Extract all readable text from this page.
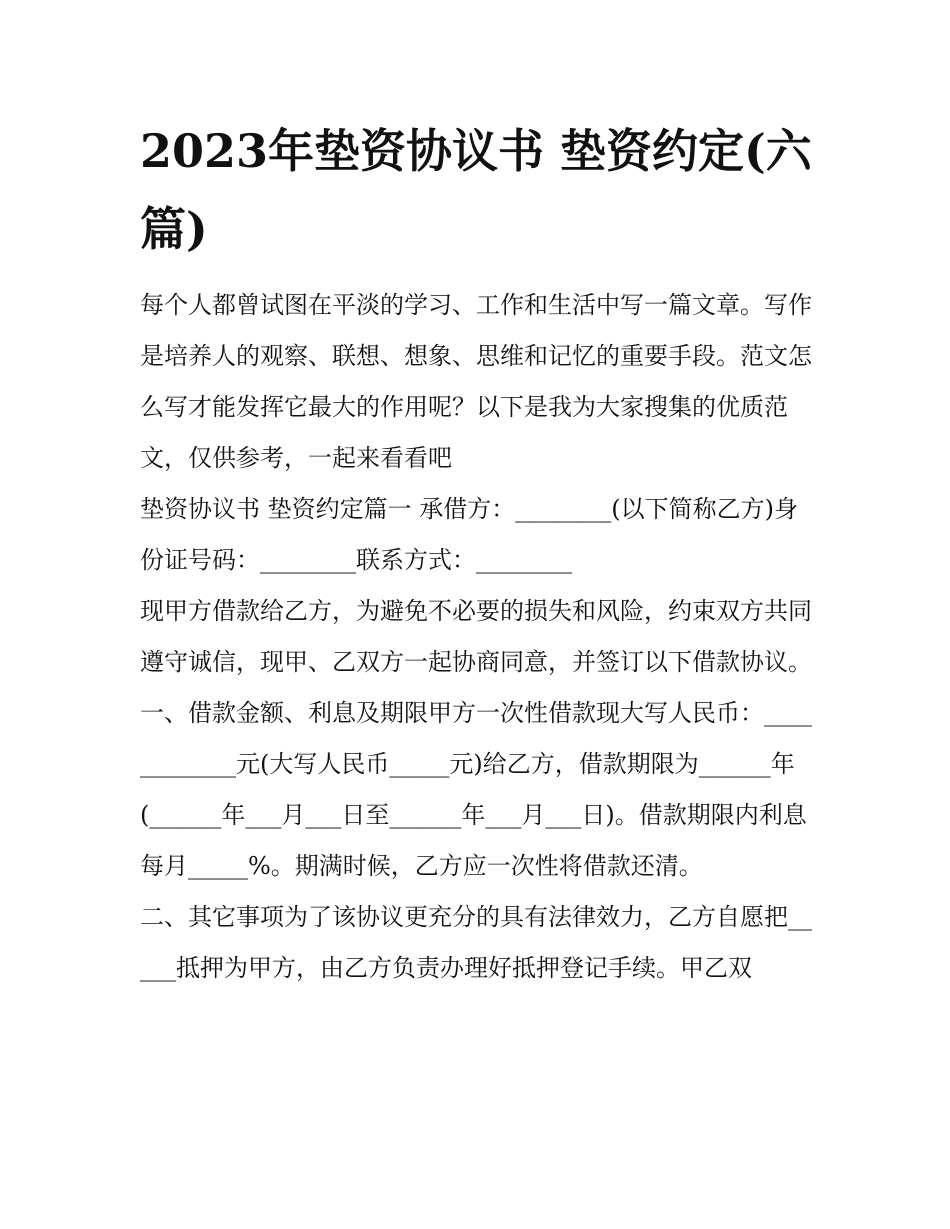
2023年垫资协议书 垫资约定(六篇)

每个人都曾试图在平淡的学习、工作和生活中写一篇文章。写作是培养人的观察、联想、想象、思维和记忆的重要手段。范文怎么写才能发挥它最大的作用呢？以下是我为大家搜集的优质范文，仅供参考，一起来看看吧

垫资协议书 垫资约定篇一 承借方：________(以下简称乙方)身份证号码：________联系方式：________

现甲方借款给乙方，为避免不必要的损失和风险，约束双方共同遵守诚信，现甲、乙双方一起协商同意，并签订以下借款协议。

一、借款金额、利息及期限甲方一次性借款现大写人民币：____________元(大写人民币_____元)给乙方，借款期限为______年(______年___月___日至______年___月___日)。借款期限内利息每月_____%。期满时候，乙方应一次性将借款还清。

二、其它事项为了该协议更充分的具有法律效力，乙方自愿把_____抵押为甲方，由乙方负责办理好抵押登记手续。甲乙双
